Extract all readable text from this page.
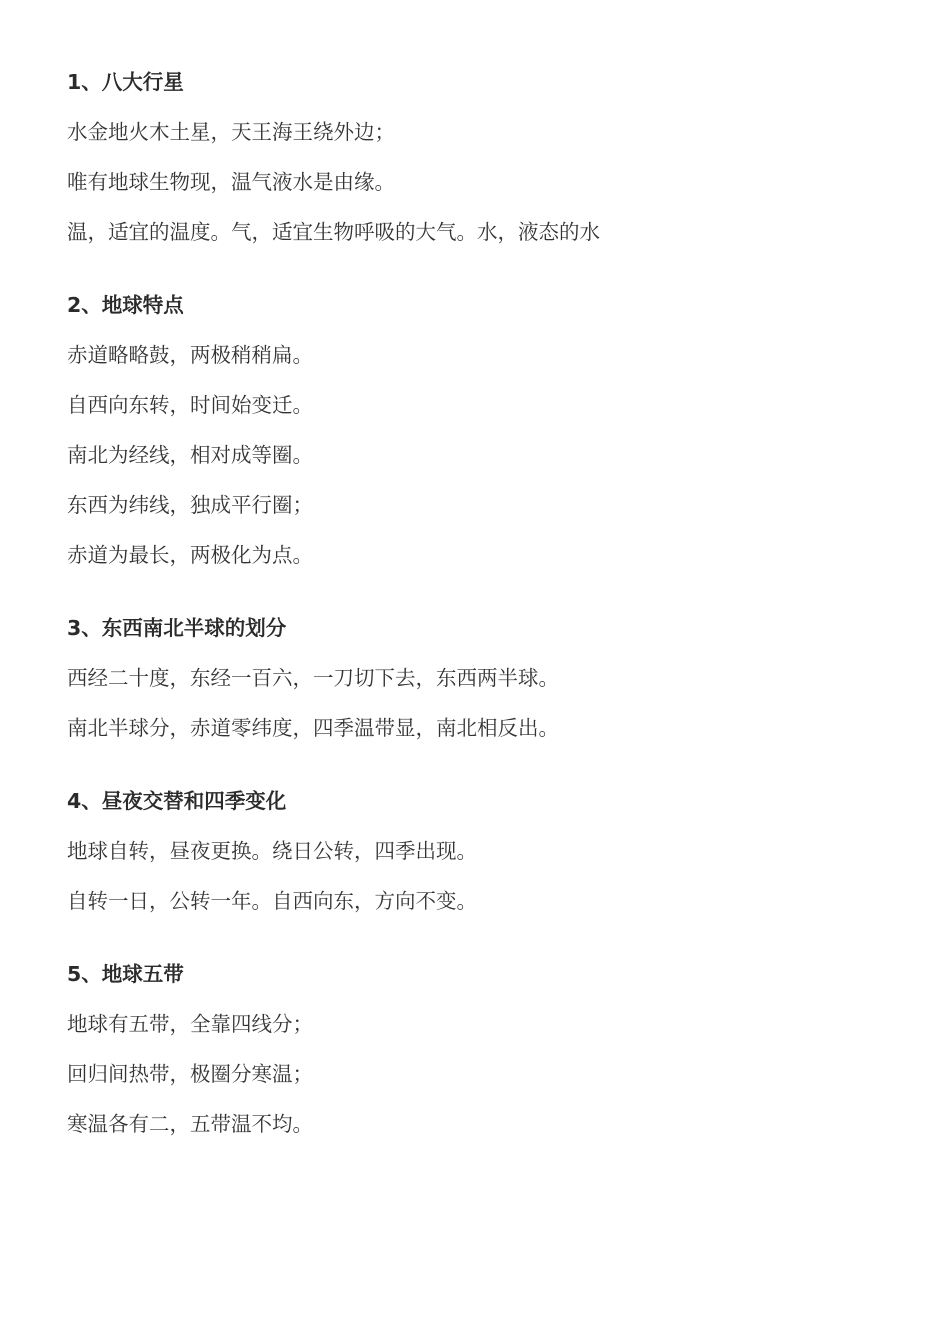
1、八大行星
水金地火木土星，天王海王绕外边；
唯有地球生物现，温气液水是由缘。
温，适宜的温度。气，适宜生物呼吸的大气。水，液态的水
2、地球特点
赤道略略鼓，两极稍稍扁。
自西向东转，时间始变迁。
南北为经线，相对成等圈。
东西为纬线，独成平行圈；
赤道为最长，两极化为点。
3、东西南北半球的划分
西经二十度，东经一百六，一刀切下去，东西两半球。
南北半球分，赤道零纬度，四季温带显，南北相反出。
4、昼夜交替和四季变化
地球自转，昼夜更换。绕日公转，四季出现。
自转一日，公转一年。自西向东，方向不变。
5、地球五带
地球有五带，全靠四线分；
回归间热带，极圈分寒温；
寒温各有二，五带温不均。
